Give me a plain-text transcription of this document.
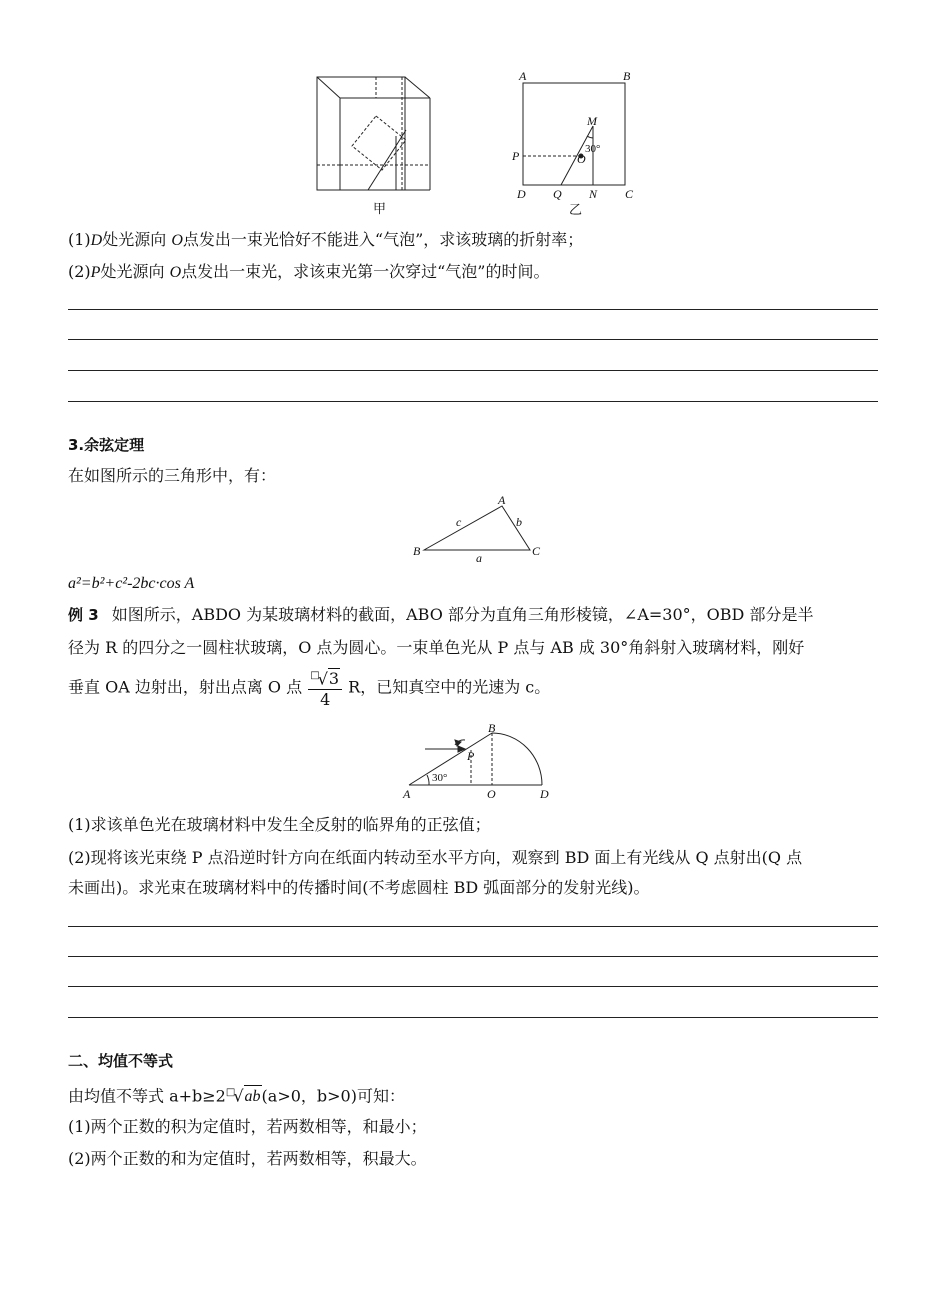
甲
A	B
M
P	O
30°
D Q N C
乙
(1)D处光源向 O点发出一束光恰好不能进入“气泡”，求该玻璃的折射率；
(2)P处光源向 O点发出一束光，求该束光第一次穿过“气泡”的时间。
3.余弦定理
在如图所示的三角形中，有：
A
B	C
c	b
a
a²=b²+c²-2bc·cos A
例 3 如图所示，ABDO 为某玻璃材料的截面，ABO 部分为直角三角形棱镜，∠A=30°，OBD 部分是半
径为 R 的四分之一圆柱状玻璃，O 点为圆心。一束单色光从 P 点与 AB 成 30°角斜射入玻璃材料，刚好
垂直 OA 边射出，射出点离 O 点 $\frac{^□√3}{4}$ R，已知真空中的光速为 c。
A
B
P
O	D
30°
(1)求该单色光在玻璃材料中发生全反射的临界角的正弦值；
(2)现将该光束绕 P 点沿逆时针方向在纸面内转动至水平方向，观察到 BD 面上有光线从 Q 点射出(Q 点
未画出)。求光束在玻璃材料中的传播时间(不考虑圆柱 BD 弧面部分的发射光线)。
二、均值不等式
由均值不等式 a+b≥2□√ab(a>0，b>0)可知：
(1)两个正数的积为定值时，若两数相等，和最小；
(2)两个正数的和为定值时，若两数相等，积最大。
